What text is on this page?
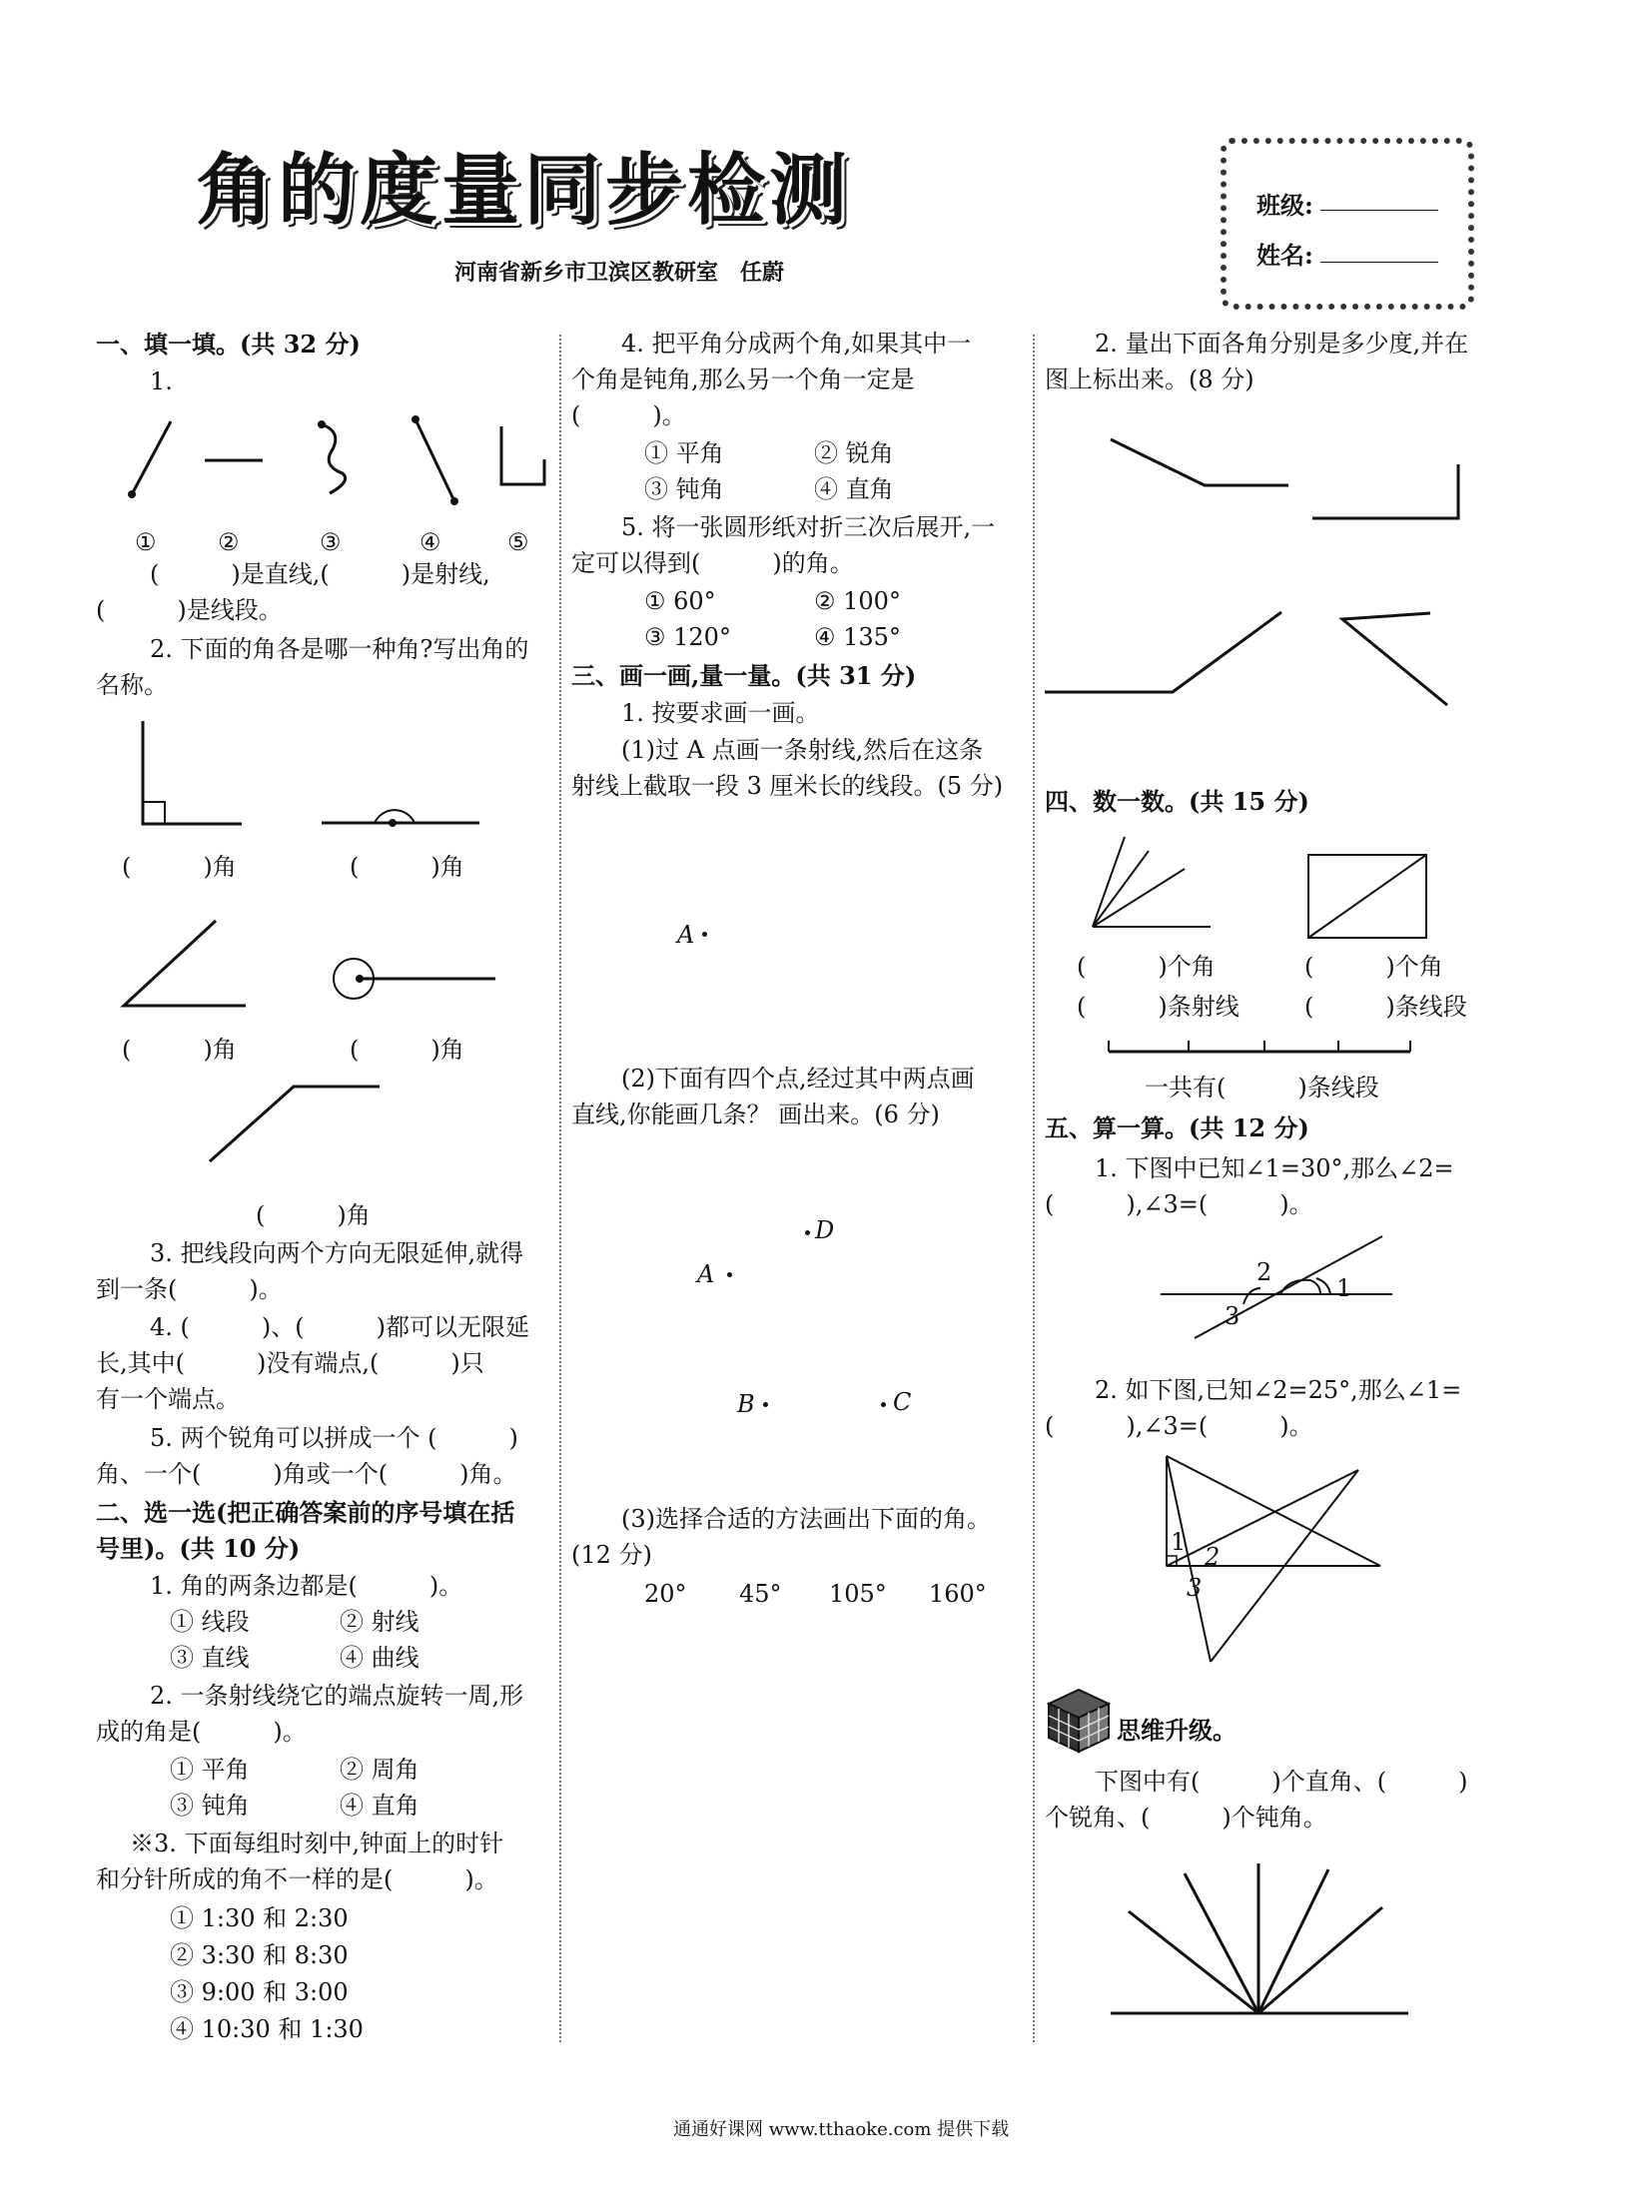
角 的 度 量 同 步 检 测
河南省新乡市卫滨区教研室　任蔚
班级:
姓名:
一、填一填。(共 32 分)
1.
①	②	③	④	⑤
(　　　)是直线,(　　　)是射线,
(　　　)是线段。
2. 下面的角各是哪一种角?写出角的
名称。
(　　　)角	(　　　)角
(　　　)角	(　　　)角
(　　　)角
3. 把线段向两个方向无限延伸,就得
到一条(　　　)。
4. (　　　)、(　　　)都可以无限延
长,其中(　　　)没有端点,(　　　)只
有一个端点。
5. 两个锐角可以拼成一个 (　　　)
角、一个(　　　)角或一个(　　　)角。
二、选一选(把正确答案前的序号填在括
号里)。(共 10 分)
1. 角的两条边都是(　　　)。
① 线段	② 射线
③ 直线	④ 曲线
2. 一条射线绕它的端点旋转一周,形
成的角是(　　　)。
① 平角	② 周角
③ 钝角	④ 直角
※3. 下面每组时刻中,钟面上的时针
和分针所成的角不一样的是(　　　)。
① 1:30 和 2:30
② 3:30 和 8:30
③ 9:00 和 3:00
④ 10:30 和 1:30
4. 把平角分成两个角,如果其中一
个角是钝角,那么另一个角一定是
(　　　)。
① 平角	② 锐角
③ 钝角	④ 直角
5. 将一张圆形纸对折三次后展开,一
定可以得到(　　　)的角。
① 60°	② 100°
③ 120°	④ 135°
三、画一画,量一量。(共 31 分)
1. 按要求画一画。
(1)过 A 点画一条射线,然后在这条
射线上截取一段 3 厘米长的线段。(5 分)
A
(2)下面有四个点,经过其中两点画
直线,你能画几条？ 画出来。(6 分)
D
A
B	C
(3)选择合适的方法画出下面的角。
(12 分)
20° 45° 105° 160°
2. 量出下面各角分别是多少度,并在
图上标出来。(8 分)
四、数一数。(共 15 分)
(　　　)个角	(　　　)个角
(　　　)条射线	(　　　)条线段
一共有(　　　)条线段
五、算一算。(共 12 分)
1. 下图中已知∠1=30°,那么∠2=
(　　　),∠3=(　　　)。
2
1
3
2. 如下图,已知∠2=25°,那么∠1=
(　　　),∠3=(　　　)。
1
2
3
思维升级。
下图中有(　　　)个直角、(　　　)
个锐角、(　　　)个钝角。
通通好课网 www.tthaoke.com 提供下载
